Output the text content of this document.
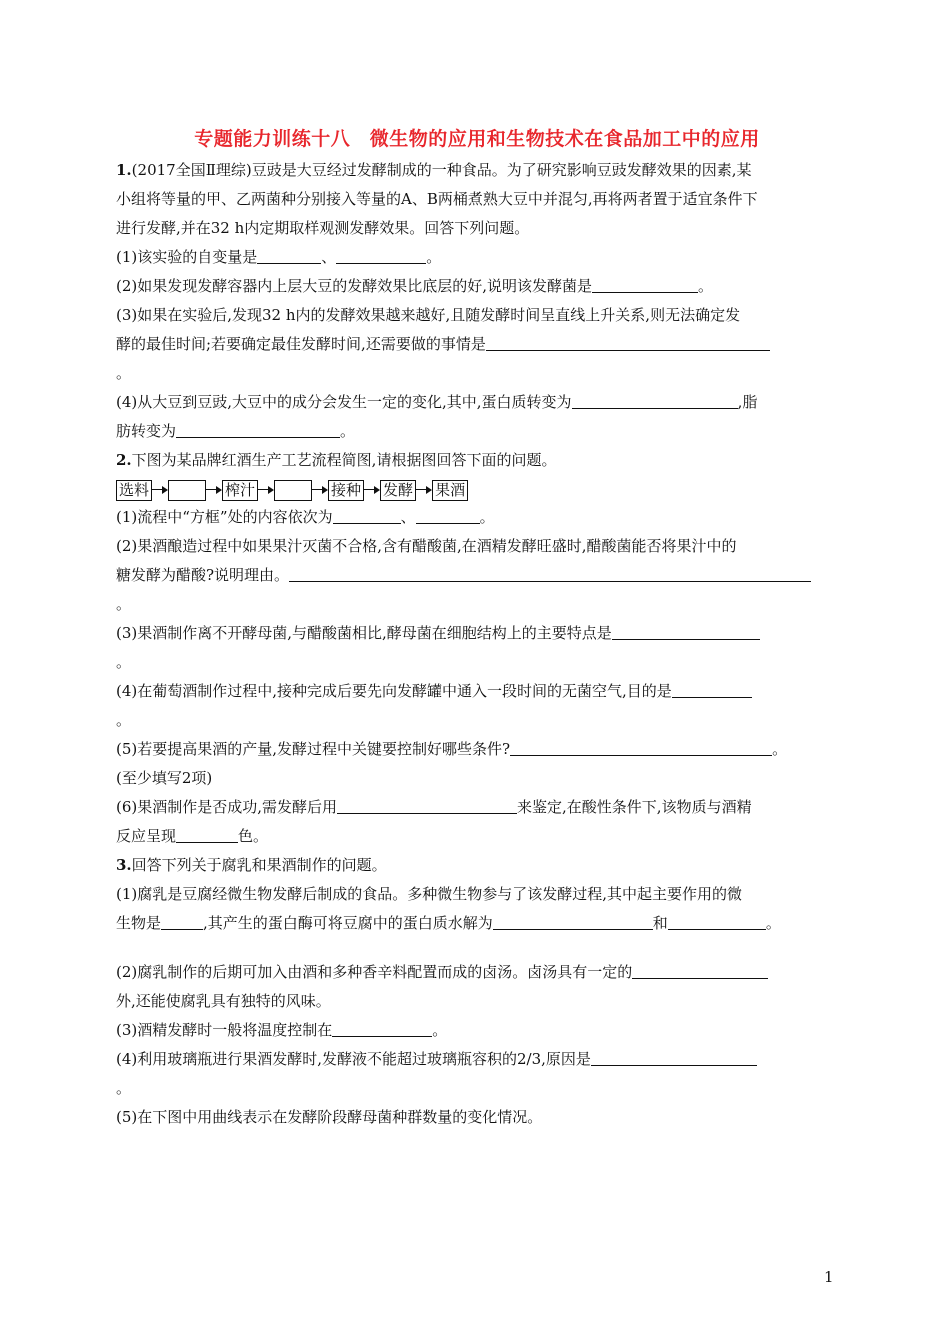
专题能力训练十八　微生物的应用和生物技术在食品加工中的应用

1.(2017全国Ⅱ理综)豆豉是大豆经过发酵制成的一种食品。为了研究影响豆豉发酵效果的因素,某

小组将等量的甲、乙两菌种分别接入等量的A、B两桶煮熟大豆中并混匀,再将两者置于适宜条件下

进行发酵,并在32 h内定期取样观测发酵效果。回答下列问题。

(1)该实验的自变量是	、	。

(2)如果发现发酵容器内上层大豆的发酵效果比底层的好,说明该发酵菌是	。

(3)如果在实验后,发现32 h内的发酵效果越来越好,且随发酵时间呈直线上升关系,则无法确定发

酵的最佳时间;若要确定最佳发酵时间,还需要做的事情是

。

(4)从大豆到豆豉,大豆中的成分会发生一定的变化,其中,蛋白质转变为	,脂

肪转变为	。

2.下图为某品牌红酒生产工艺流程简图,请根据图回答下面的问题。

选料	榨汁	接种 发酵 果酒

(1)流程中“方框”处的内容依次为	、	。

(2)果酒酿造过程中如果果汁灭菌不合格,含有醋酸菌,在酒精发酵旺盛时,醋酸菌能否将果汁中的

糖发酵为醋酸?说明理由。

。

(3)果酒制作离不开酵母菌,与醋酸菌相比,酵母菌在细胞结构上的主要特点是

。

(4)在葡萄酒制作过程中,接种完成后要先向发酵罐中通入一段时间的无菌空气,目的是

。

(5)若要提高果酒的产量,发酵过程中关键要控制好哪些条件?	。

(至少填写2项)

(6)果酒制作是否成功,需发酵后用	来鉴定,在酸性条件下,该物质与酒精

反应呈现	色。

3.回答下列关于腐乳和果酒制作的问题。

(1)腐乳是豆腐经微生物发酵后制成的食品。多种微生物参与了该发酵过程,其中起主要作用的微

生物是	,其产生的蛋白酶可将豆腐中的蛋白质水解为	和	。

(2)腐乳制作的后期可加入由酒和多种香辛料配置而成的卤汤。卤汤具有一定的

外,还能使腐乳具有独特的风味。

(3)酒精发酵时一般将温度控制在	。

(4)利用玻璃瓶进行果酒发酵时,发酵液不能超过玻璃瓶容积的2/3,原因是

。

(5)在下图中用曲线表示在发酵阶段酵母菌种群数量的变化情况。

1
